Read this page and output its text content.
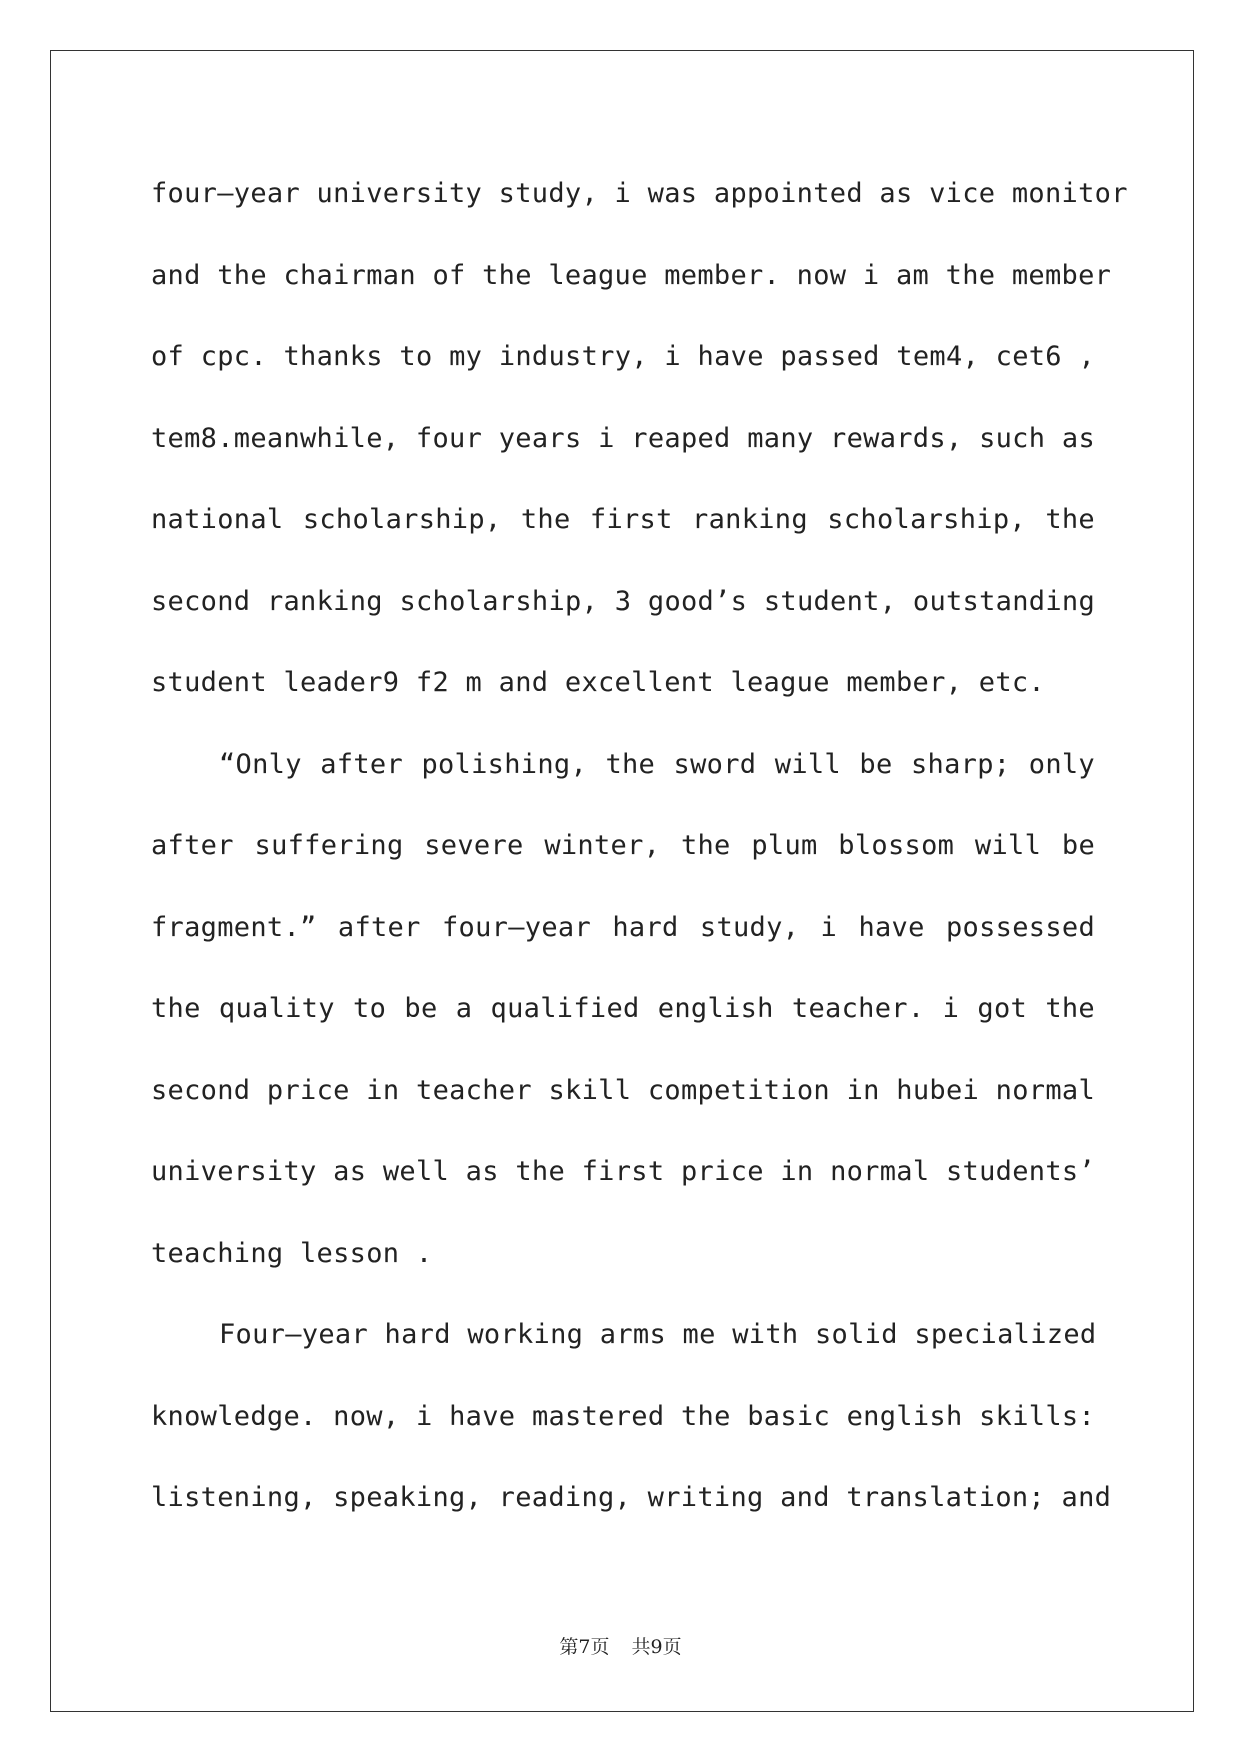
four—year university study, i was appointed as vice monitor
and the chairman of the league member. now i am the member
of cpc. thanks to my industry, i have passed tem4, cet6 ,
tem8.meanwhile, four years i reaped many rewards, such as
national scholarship, the first ranking scholarship, the
second ranking scholarship, 3 good’s student, outstanding
student leader9 f2 m and excellent league member, etc.
“Only after polishing, the sword will be sharp; only
after suffering severe winter, the plum blossom will be
fragment.” after four—year hard study, i have possessed
the quality to be a qualified english teacher. i got the
second price in teacher skill competition in hubei normal
university as well as the first price in normal students’
teaching lesson .
Four—year hard working arms me with solid specialized
knowledge. now, i have mastered the basic english skills:
listening, speaking, reading, writing and translation; and
第7页 共9页
